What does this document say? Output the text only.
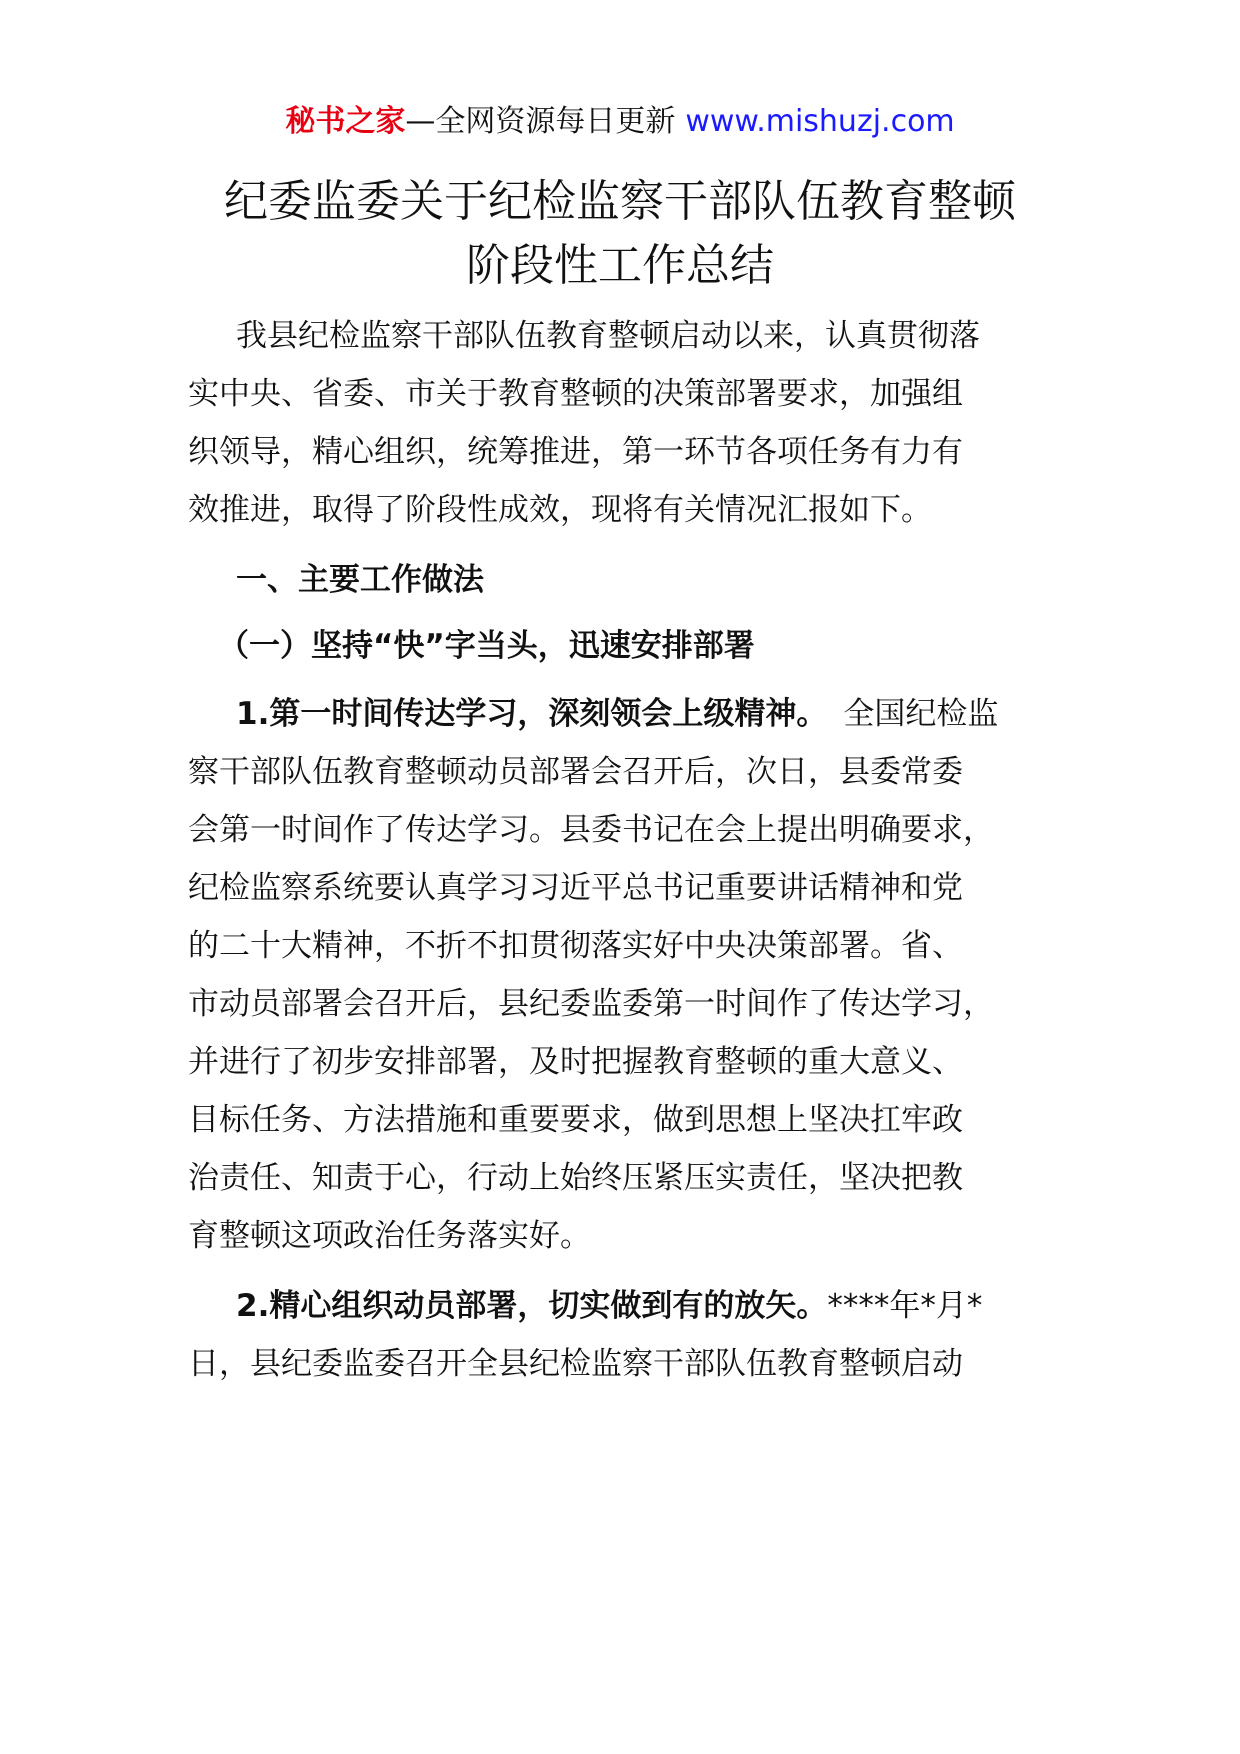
秘书之家—全网资源每日更新 www.mishuzj.com
纪委监委关于纪检监察干部队伍教育整顿
阶段性工作总结
我县纪检监察干部队伍教育整顿启动以来，认真贯彻落
实中央、省委、市关于教育整顿的决策部署要求，加强组
织领导，精心组织，统筹推进，第一环节各项任务有力有
效推进，取得了阶段性成效，现将有关情况汇报如下。
一、主要工作做法
（一）坚持“快”字当头，迅速安排部署
1.第一时间传达学习，深刻领会上级精神。 全国纪检监
察干部队伍教育整顿动员部署会召开后，次日，县委常委
会第一时间作了传达学习。县委书记在会上提出明确要求，
纪检监察系统要认真学习习近平总书记重要讲话精神和党
的二十大精神，不折不扣贯彻落实好中央决策部署。省、
市动员部署会召开后，县纪委监委第一时间作了传达学习，
并进行了初步安排部署，及时把握教育整顿的重大意义、
目标任务、方法措施和重要要求，做到思想上坚决扛牢政
治责任、知责于心，行动上始终压紧压实责任，坚决把教
育整顿这项政治任务落实好。
2.精心组织动员部署，切实做到有的放矢。****年*月*
日，县纪委监委召开全县纪检监察干部队伍教育整顿启动
